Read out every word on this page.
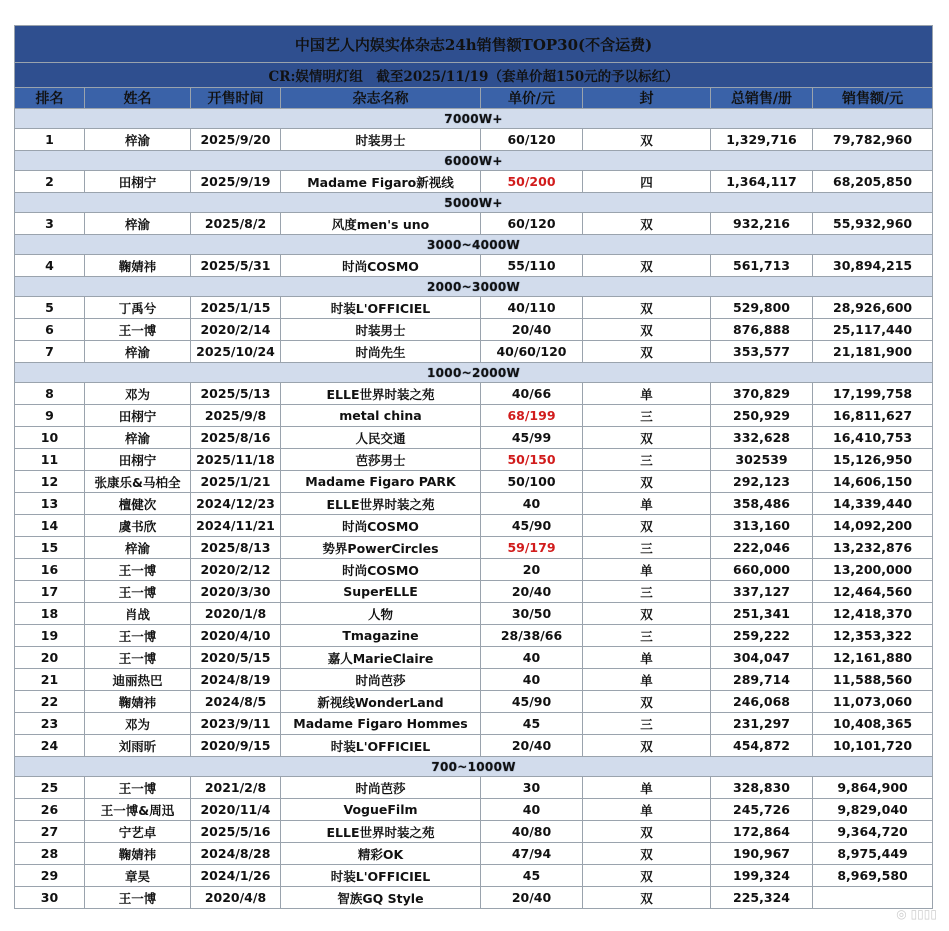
中国艺人内娱实体杂志24h销售额TOP30(不含运费)							
CR:娱情明灯组　截至2025/11/19（套单价超150元的予以标红）							
排名	姓名	开售时间	杂志名称	单价/元	封	总销售/册	销售额/元
7000W+							
1	梓渝	2025/9/20	时装男士	60/120	双	1,329,716	79,782,960
6000W+							
2	田栩宁	2025/9/19	Madame Figaro新视线	50/200	四	1,364,117	68,205,850
5000W+							
3	梓渝	2025/8/2	风度men's uno	60/120	双	932,216	55,932,960
3000~4000W							
4	鞠婧祎	2025/5/31	时尚COSMO	55/110	双	561,713	30,894,215
2000~3000W							
5	丁禹兮	2025/1/15	时装L'OFFICIEL	40/110	双	529,800	28,926,600
6	王一博	2020/2/14	时装男士	20/40	双	876,888	25,117,440
7	梓渝	2025/10/24	时尚先生	40/60/120	双	353,577	21,181,900
1000~2000W							
8	邓为	2025/5/13	ELLE世界时装之苑	40/66	单	370,829	17,199,758
9	田栩宁	2025/9/8	metal china	68/199	三	250,929	16,811,627
10	梓渝	2025/8/16	人民交通	45/99	双	332,628	16,410,753
11	田栩宁	2025/11/18	芭莎男士	50/150	三	302539	15,126,950
12	张康乐&马柏全	2025/1/21	Madame Figaro PARK	50/100	双	292,123	14,606,150
13	檀健次	2024/12/23	ELLE世界时装之苑	40	单	358,486	14,339,440
14	虞书欣	2024/11/21	时尚COSMO	45/90	双	313,160	14,092,200
15	梓渝	2025/8/13	势界PowerCircles	59/179	三	222,046	13,232,876
16	王一博	2020/2/12	时尚COSMO	20	单	660,000	13,200,000
17	王一博	2020/3/30	SuperELLE	20/40	三	337,127	12,464,560
18	肖战	2020/1/8	人物	30/50	双	251,341	12,418,370
19	王一博	2020/4/10	Tmagazine	28/38/66	三	259,222	12,353,322
20	王一博	2020/5/15	嘉人MarieClaire	40	单	304,047	12,161,880
21	迪丽热巴	2024/8/19	时尚芭莎	40	单	289,714	11,588,560
22	鞠婧祎	2024/8/5	新视线WonderLand	45/90	双	246,068	11,073,060
23	邓为	2023/9/11	Madame Figaro Hommes	45	三	231,297	10,408,365
24	刘雨昕	2020/9/15	时装L'OFFICIEL	20/40	双	454,872	10,101,720
700~1000W							
25	王一博	2021/2/8	时尚芭莎	30	单	328,830	9,864,900
26	王一博&周迅	2020/11/4	VogueFilm	40	单	245,726	9,829,040
27	宁艺卓	2025/5/16	ELLE世界时装之苑	40/80	双	172,864	9,364,720
28	鞠婧祎	2024/8/28	精彩OK	47/94	双	190,967	8,975,449
29	章昊	2024/1/26	时装L'OFFICIEL	45	双	199,324	8,969,580
30	王一博	2020/4/8	智族GQ Style	20/40	双	225,324	
◎ ▯▯▯▯
